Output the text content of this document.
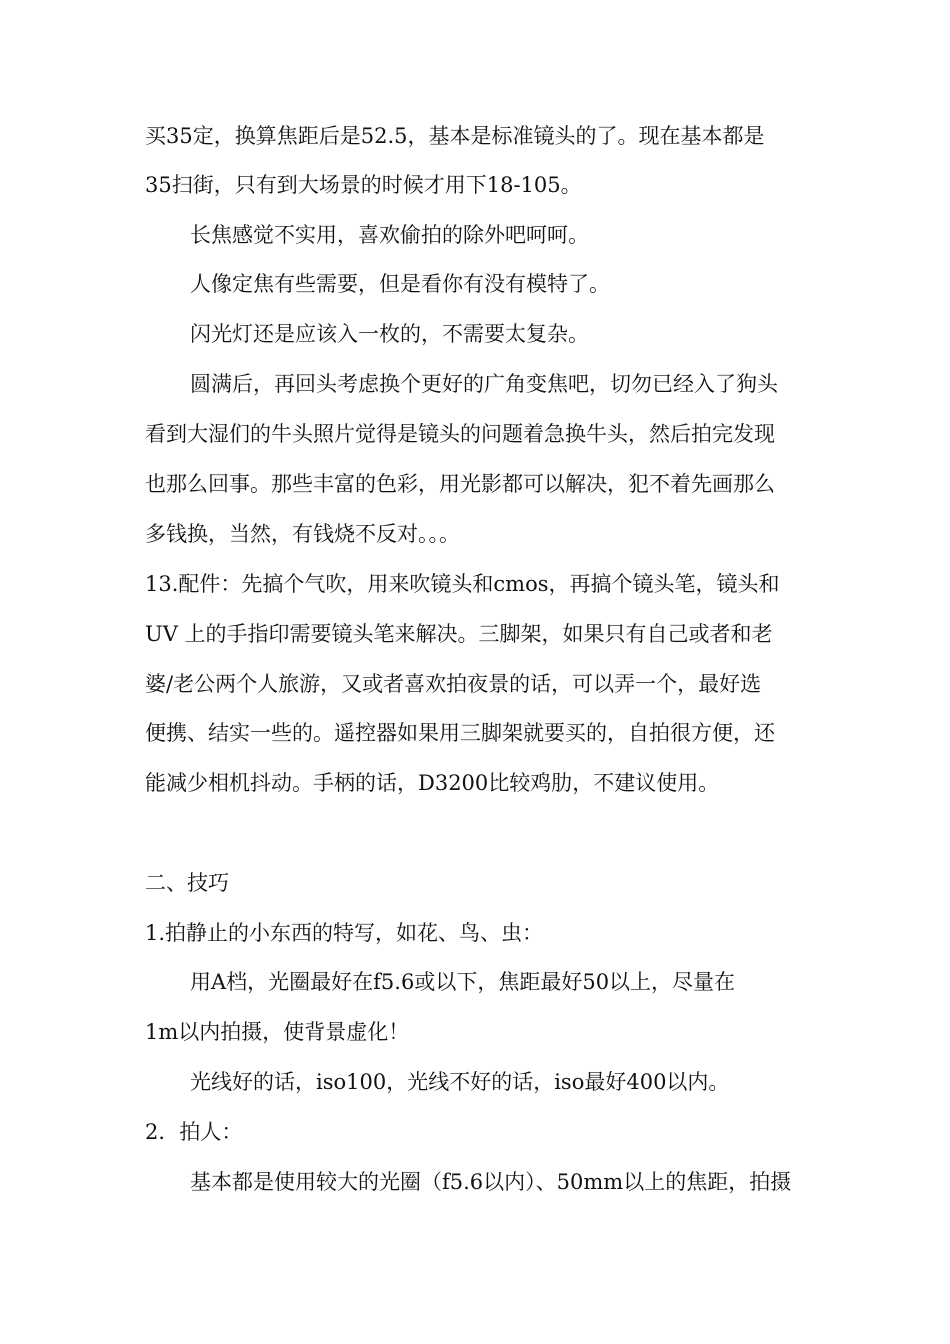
买35定，换算焦距后是52.5，基本是标准镜头的了。现在基本都是
35扫街，只有到大场景的时候才用下18-105。
长焦感觉不实用，喜欢偷拍的除外吧呵呵。
人像定焦有些需要，但是看你有没有模特了。
闪光灯还是应该入一枚的，不需要太复杂。
圆满后，再回头考虑换个更好的广角变焦吧，切勿已经入了狗头
看到大湿们的牛头照片觉得是镜头的问题着急换牛头，然后拍完发现
也那么回事。那些丰富的色彩，用光影都可以解决，犯不着先画那么
多钱换，当然，有钱烧不反对。。。
13.配件：先搞个气吹，用来吹镜头和cmos，再搞个镜头笔，镜头和
UV 上的手指印需要镜头笔来解决。三脚架，如果只有自己或者和老
婆/老公两个人旅游，又或者喜欢拍夜景的话，可以弄一个，最好选
便携、结实一些的。遥控器如果用三脚架就要买的，自拍很方便，还
能减少相机抖动。手柄的话，D3200比较鸡肋，不建议使用。
二、技巧
1.拍静止的小东西的特写，如花、鸟、虫：
用A档，光圈最好在f5.6或以下，焦距最好50以上，尽量在
1m以内拍摄，使背景虚化！
光线好的话，iso100，光线不好的话，iso最好400以内。
2．拍人：
基本都是使用较大的光圈（f5.6以内）、50mm以上的焦距，拍摄
